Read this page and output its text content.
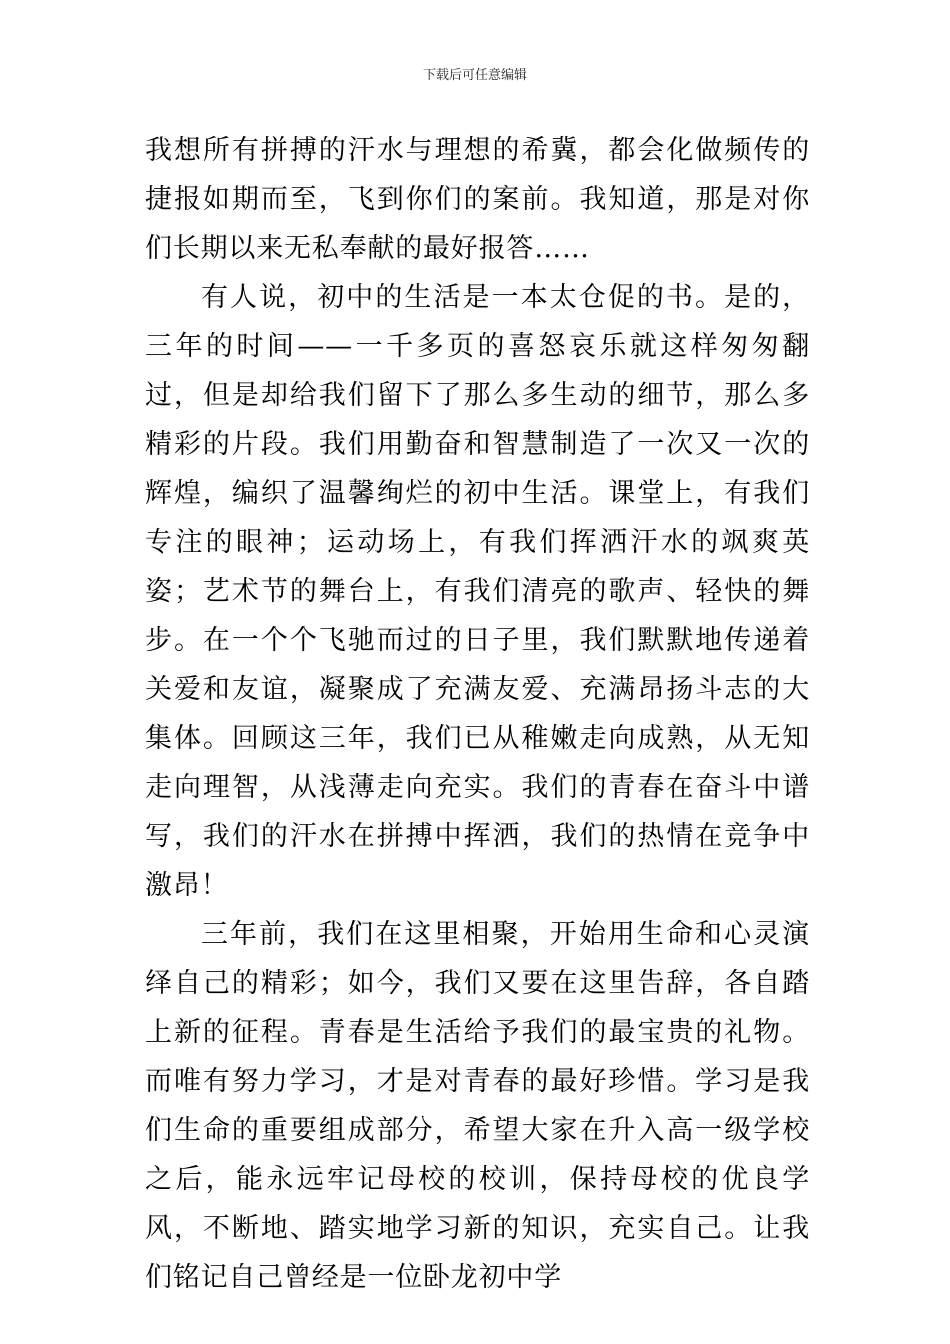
下载后可任意编辑

我想所有拼搏的汗水与理想的希冀，都会化做频传的捷报如期而至，飞到你们的案前。我知道，那是对你们长期以来无私奉献的最好报答……

有人说，初中的生活是一本太仓促的书。是的，三年的时间——一千多页的喜怒哀乐就这样匆匆翻过，但是却给我们留下了那么多生动的细节，那么多精彩的片段。我们用勤奋和智慧制造了一次又一次的辉煌，编织了温馨绚烂的初中生活。课堂上，有我们专注的眼神；运动场上，有我们挥洒汗水的飒爽英姿；艺术节的舞台上，有我们清亮的歌声、轻快的舞步。在一个个飞驰而过的日子里，我们默默地传递着关爱和友谊，凝聚成了充满友爱、充满昂扬斗志的大集体。回顾这三年，我们已从稚嫩走向成熟，从无知走向理智，从浅薄走向充实。我们的青春在奋斗中谱写，我们的汗水在拼搏中挥洒，我们的热情在竞争中激昂！

三年前，我们在这里相聚，开始用生命和心灵演绎自己的精彩；如今，我们又要在这里告辞，各自踏上新的征程。青春是生活给予我们的最宝贵的礼物。而唯有努力学习，才是对青春的最好珍惜。学习是我们生命的重要组成部分，希望大家在升入高一级学校之后，能永远牢记母校的校训，保持母校的优良学风，不断地、踏实地学习新的知识，充实自己。让我们铭记自己曾经是一位卧龙初中学
